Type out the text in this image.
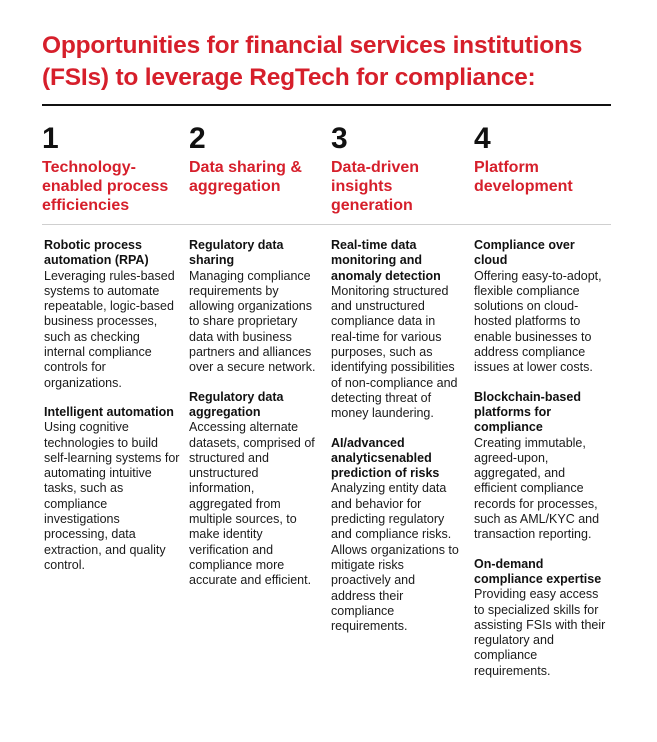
Opportunities for financial services institutions (FSIs) to leverage RegTech for compliance:
1
Technology-enabled process efficiencies
2
Data sharing & aggregation
3
Data-driven insights generation
4
Platform development
Robotic process automation (RPA)
Leveraging rules-based systems to automate repeatable, logic-based business processes, such as checking internal compliance controls for organizations.
Intelligent automation
Using cognitive technologies to build self-learning systems for automating intuitive tasks, such as compliance investigations processing, data extraction, and quality control.
Regulatory data sharing
Managing compliance requirements by allowing organizations to share proprietary data with business partners and alliances over a secure network.
Regulatory data aggregation
Accessing alternate datasets, comprised of structured and unstructured information, aggregated from multiple sources, to make identity verification and compliance more accurate and efficient.
Real-time data monitoring and anomaly detection
Monitoring structured and unstructured compliance data in real-time for various purposes, such as identifying possibilities of non-compliance and detecting threat of money laundering.
AI/advanced analyticsenabled prediction of risks
Analyzing entity data and behavior for predicting regulatory and compliance risks. Allows organizations to mitigate risks proactively and address their compliance requirements.
Compliance over cloud
Offering easy-to-adopt, flexible compliance solutions on cloud-hosted platforms to enable businesses to address compliance issues at lower costs.
Blockchain-based platforms for compliance
Creating immutable, agreed-upon, aggregated, and efficient compliance records for processes, such as AML/KYC and transaction reporting.
On-demand compliance expertise
Providing easy access to specialized skills for assisting FSIs with their regulatory and compliance requirements.
